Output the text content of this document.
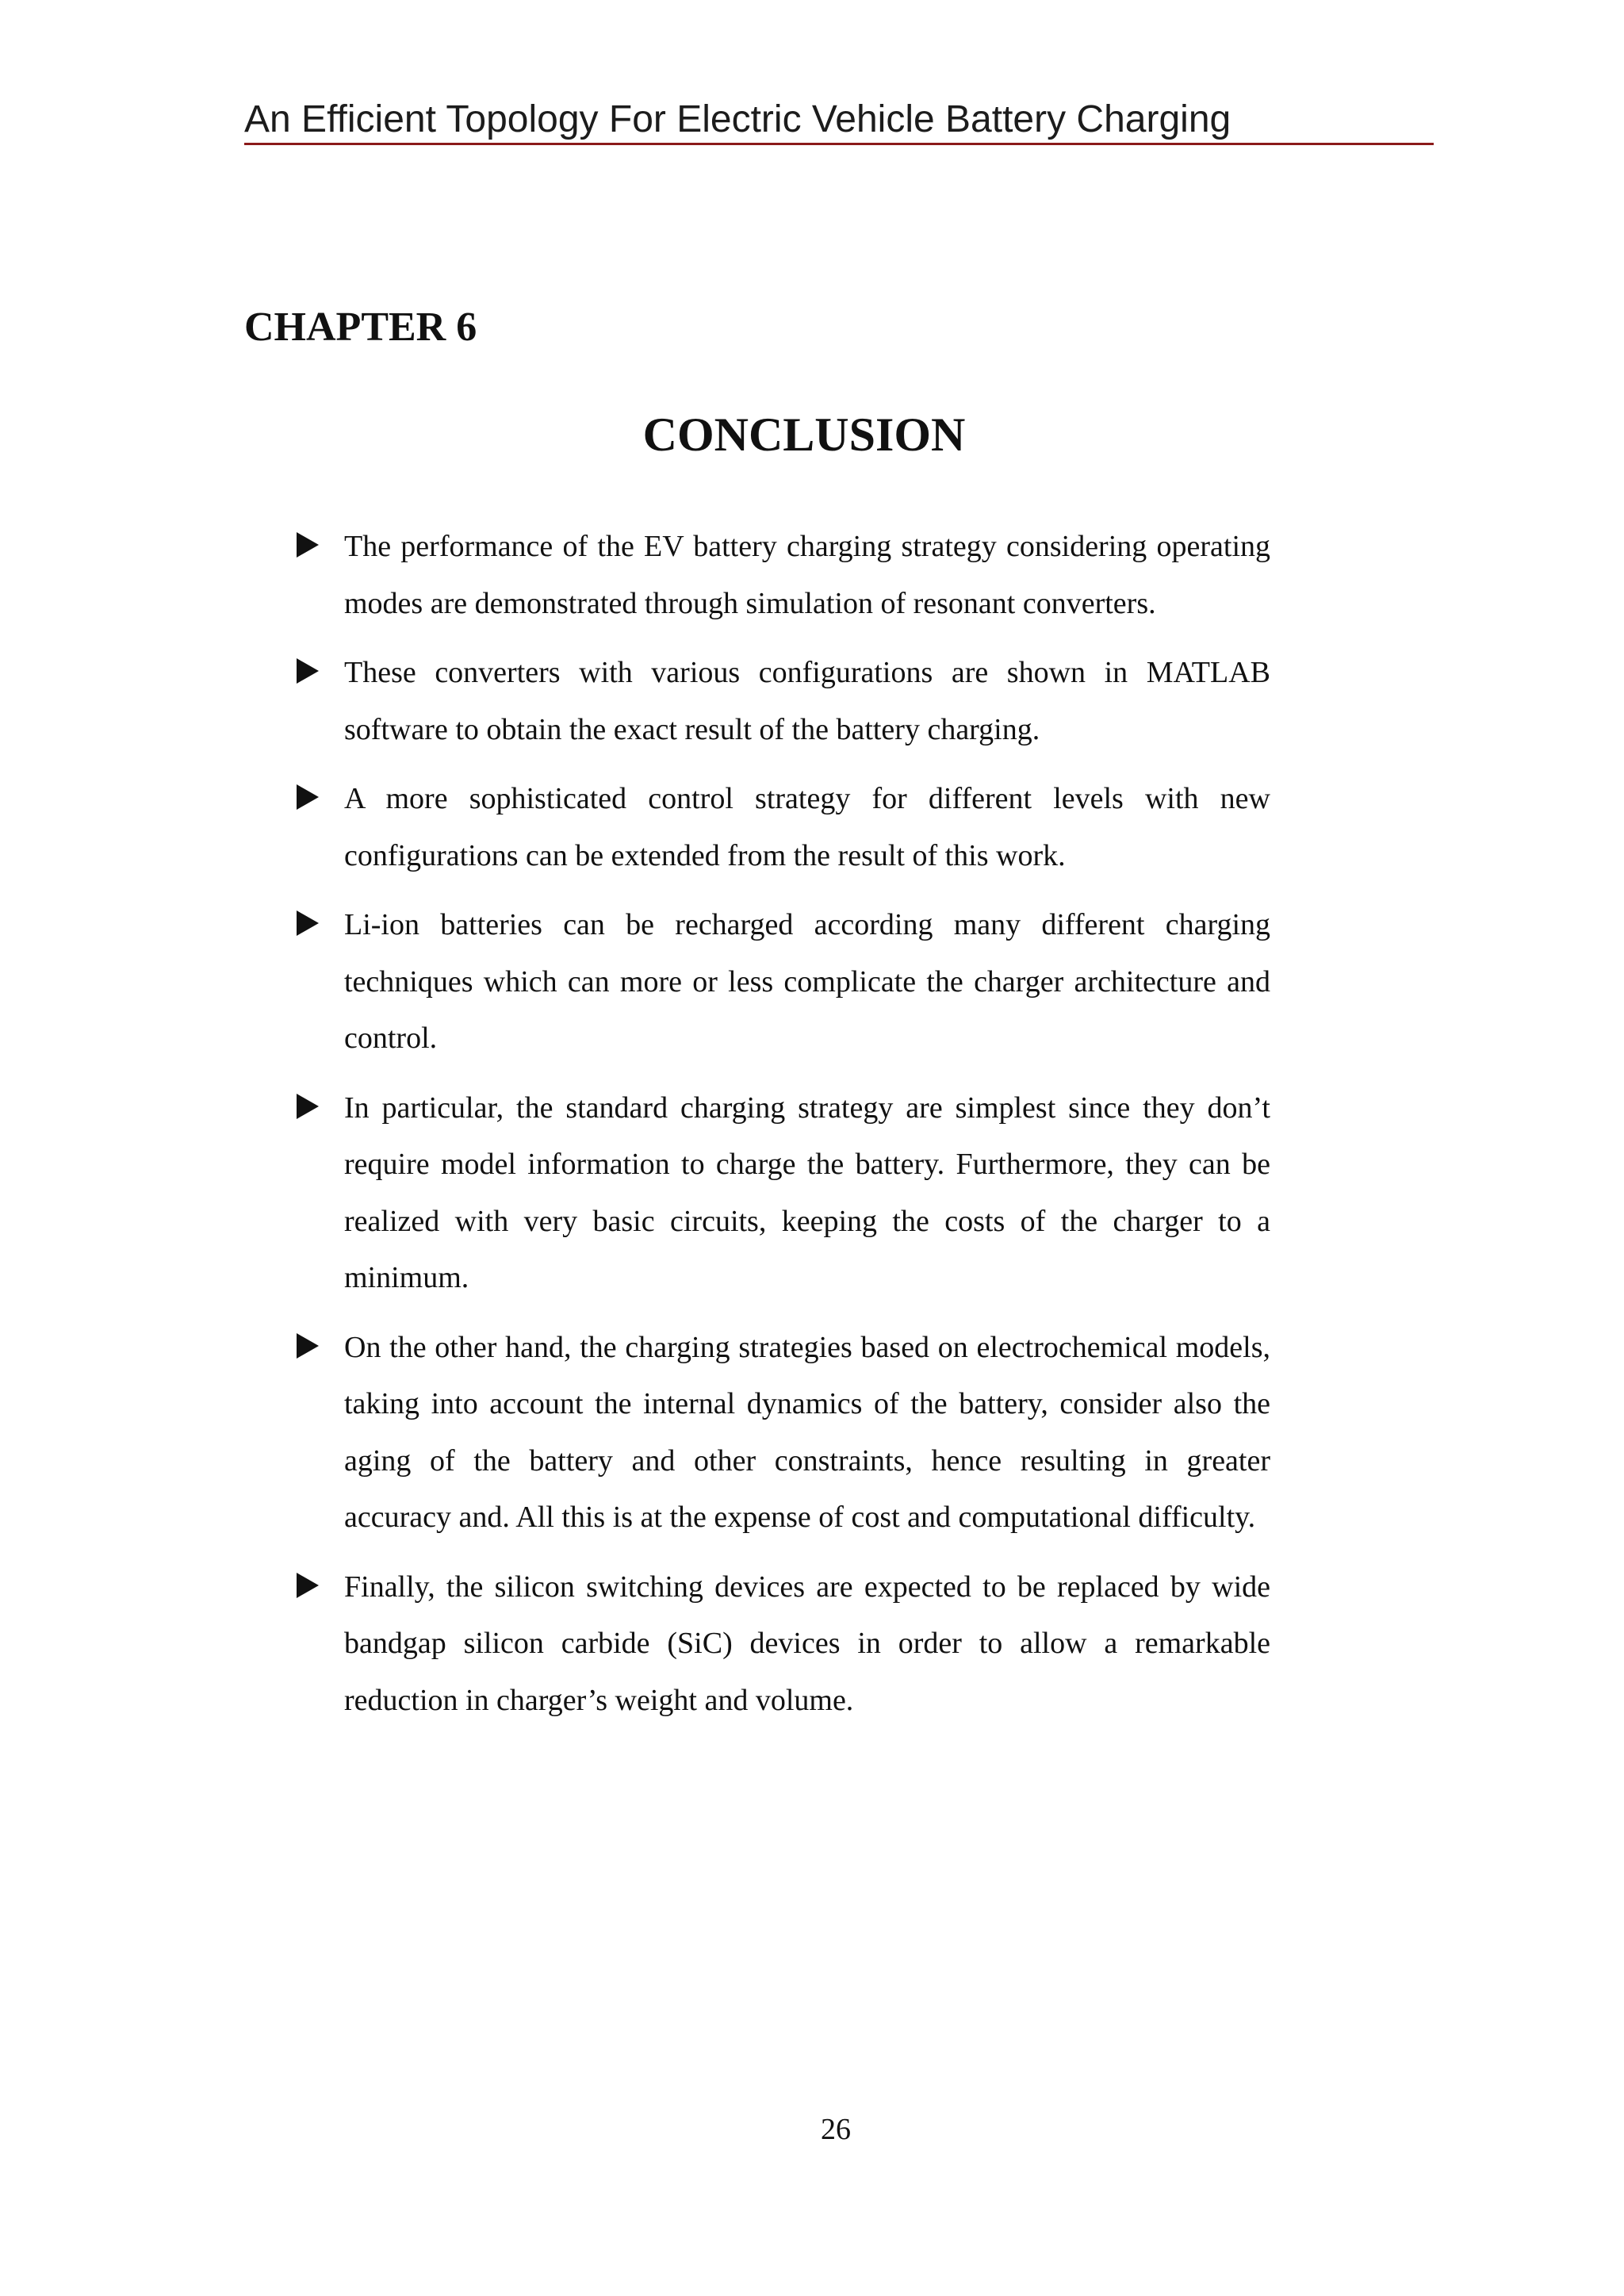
An Efficient Topology For Electric Vehicle Battery Charging
CHAPTER 6
CONCLUSION
The performance of the EV battery charging strategy considering operating modes are demonstrated through simulation of resonant converters.
These converters with various configurations are shown in MATLAB software to obtain the exact result of the battery charging.
A more sophisticated control strategy for different levels with new configurations can be extended from the result of this work.
Li-ion batteries can be recharged according many different charging techniques which can more or less complicate the charger architecture and control.
In particular, the standard charging strategy are simplest since they don’t require model information to charge the battery. Furthermore, they can be realized with very basic circuits, keeping the costs of the charger to a minimum.
On the other hand, the charging strategies based on electrochemical models, taking into account the internal dynamics of the battery, consider also the aging of the battery and other constraints, hence resulting in greater accuracy and. All this is at the expense of cost and computational difficulty.
Finally, the silicon switching devices are expected to be replaced by wide bandgap silicon carbide (SiC) devices in order to allow a remarkable reduction in charger’s weight and volume.
26
